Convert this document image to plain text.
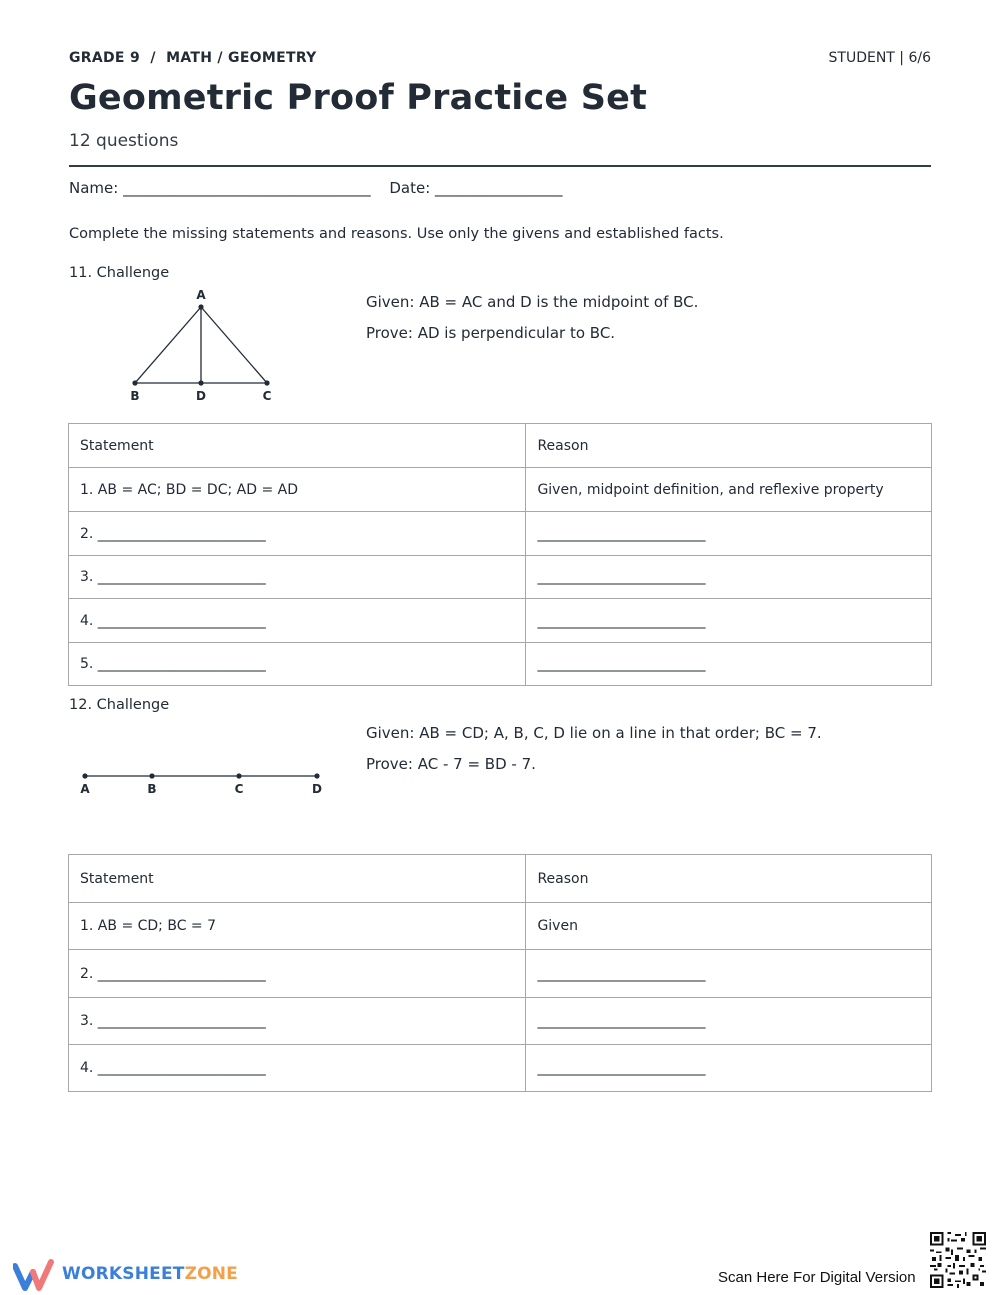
GRADE 9  /  MATH / GEOMETRY	STUDENT | 6/6
Geometric Proof Practice Set
12 questions
Name: _________________________________ Date: _________________
Complete the missing statements and reasons. Use only the givens and established facts.
11. Challenge
A
B	D	C
A	B	C	D
Given: AB = AC and D is the midpoint of BC.
Prove: AD is perpendicular to BC.
Statement	Reason
1. AB = AC; BD = DC; AD = AD	Given, midpoint definition, and reflexive property
2. ________________________	________________________
3. ________________________	________________________
4. ________________________	________________________
5. ________________________	________________________
12. Challenge
Given: AB = CD; A, B, C, D lie on a line in that order; BC = 7.
Prove: AC - 7 = BD - 7.
Statement	Reason
1. AB = CD; BC = 7	Given
2. ________________________	________________________
3. ________________________	________________________
4. ________________________	________________________
WORKSHEETZONE	Scan Here For Digital Version
